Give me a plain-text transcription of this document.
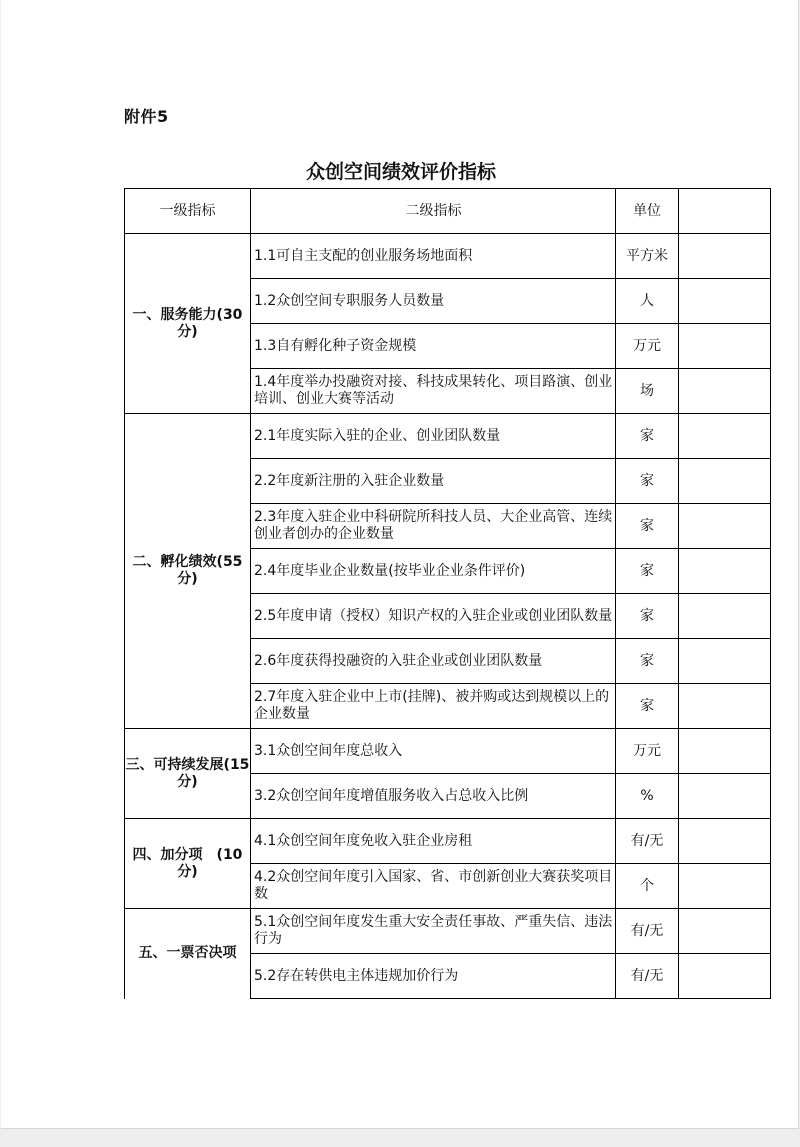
附件5
众创空间绩效评价指标
一级指标	二级指标	单位	
一、服务能力(30分)	1.1可自主支配的创业服务场地面积	平方米	
	1.2众创空间专职服务人员数量	人	
	1.3自有孵化种子资金规模	万元	
	1.4年度举办投融资对接、科技成果转化、项目路演、创业培训、创业大赛等活动	场	
二、孵化绩效(55分)	2.1年度实际入驻的企业、创业团队数量	家	
	2.2年度新注册的入驻企业数量	家	
	2.3年度入驻企业中科研院所科技人员、大企业高管、连续创业者创办的企业数量	家	
	2.4年度毕业企业数量(按毕业企业条件评价)	家	
	2.5年度申请（授权）知识产权的入驻企业或创业团队数量	家	
	2.6年度获得投融资的入驻企业或创业团队数量	家	
	2.7年度入驻企业中上市(挂牌)、被并购或达到规模以上的企业数量	家	
三、可持续发展(15分)	3.1众创空间年度总收入	万元	
	3.2众创空间年度增值服务收入占总收入比例	%	
四、加分项　(10分)	4.1众创空间年度免收入驻企业房租	有/无	
	4.2众创空间年度引入国家、省、市创新创业大赛获奖项目数	个	
五、一票否决项	5.1众创空间年度发生重大安全责任事故、严重失信、违法行为	有/无	
	5.2存在转供电主体违规加价行为	有/无	
